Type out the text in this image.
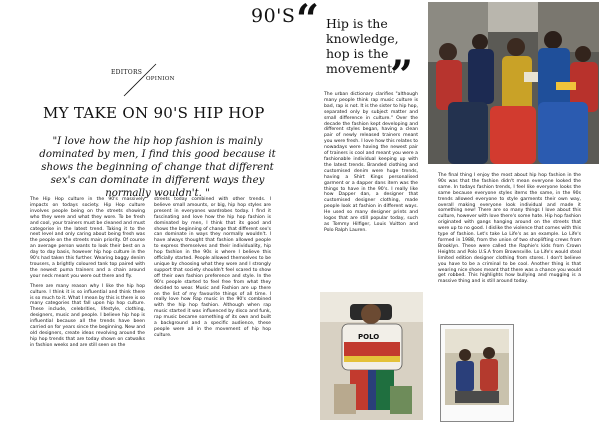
90'S “ Hip is the knowledge, hop is the movement.
”
EDITORS
OPINION
MY TAKE ON 90'S HIP HOP
"I love how the hip hop fashion is mainly dominated by men, I find this good because it shows the beginning of change that different sex's can dominate in different ways they normally wouldn't. "

The Hip Hop culture in the 90's massively impacts on todays society. Hip Hop culture involves people being on the streets showing who they were and what they wore. To be fresh and cool, your trainers must be cleaned and must categorise in the latest trend. Taking it to the next level and only caring about being fresh was the people on the streets main priority. Of course an average person wants to look their best on a day to day basis, however hip hop culture in the 90's had taken this further. Wearing baggy denim trousers, a brightly coloured tank top paired with the newest puma trainers and a chain around your neck meant you were out there and fly.

There are many reason why I like the hip hop culture. I think it is so influential and think there is so much to it. What I mean by this is there is so many categories that fall upon hip hop culture. These include, celebrities, lifestyle, clothing, designers, music and people. I believe hip hop is influential because all the trends have been carried on for years since the beginning. New and old designers, create ideas revolving around the hip hop trends that are today shown on catwalks in fashion weeks and are still seen on the

streets today combined with other trends. I believe small amounts, or big, hip hop styles are present in everyones wardrobes today. I find it fascinating and love how the hip hop fashion is dominated by men, I think that its good and shows the beginning of change that different sex's can dominate in ways they normally wouldn't. I have always thought that fashion allowed people to express themselves and their individuality, hip hop fashion in the 90s is where I believe this officially started. People allowed themselves to be unique by choosing what they wore and I strongly support that society shouldn't feel scared to show off their own fashion preference and style. In the 90's people started to feel free from what they decided to wear. Music and Fashion are up there on the list of my favourite things of all time. I really love how Rap music in the 90's combined with the hip hop fashion. Although when rap music started it was influenced by disco and funk, rap music became something of its own and built a background and a specific audience, these people were all in the movement of hip hop culture.

The urban dictionary clarifies "although many people think rap music culture is bad, rap is not. It is the sister to hip hop, separated only by subject matter and small difference in culture." Over the decade the fashion kept developing and different styles began, having a clean pair of newly released trainers meant you were fresh. I love how this relates to nowadays were having the newest pair of trainers is cool and meant you were a fashionable individual keeping up with the latest trends. Branded clothing and customised denim were huge trends, having a Shirt Kings personalised garment or a dapper dans item was the things to have in the 90's. I really like how Dapper dan, a designer that customised designer clothing, made people look at fashion in different ways. He used so many designer prints and logos that are still popular today, such as Tommy Hilfiger, Louis Vuitton and Polo Ralph Lauren.

The final thing I enjoy the most about hip hop fashion in the 90s was that the fashion didn't mean everyone looked the same. In todays fashion trends, I feel like everyone looks the same because everyone styles items the same, in the 90s trends allowed everyone to style garments their own way, overall making everyone look individual and made it something new! There are so many things I love about this culture, however with love there's some hate. Hip hop fashion originated with gangs hanging around on the streets that were up to no good. I dislike the violence that comes with this type of fashion. Let's take Lo Life's as an example. Lo Life's formed in 1988, from the union of two shoplifting crews from Brooklyn. These were called the Raphie's kids from Crown Heights and Polo U.S.A from Brownsville. Lo Life's would steal limited edition designer clothing from stores. I don't believe you have to be a criminal to be cool. Another thing is that wearing nice shoes meant that there was a chance you would get robbed. This highlights how bullying and mugging is a massive thing and is still around today.

POLO
